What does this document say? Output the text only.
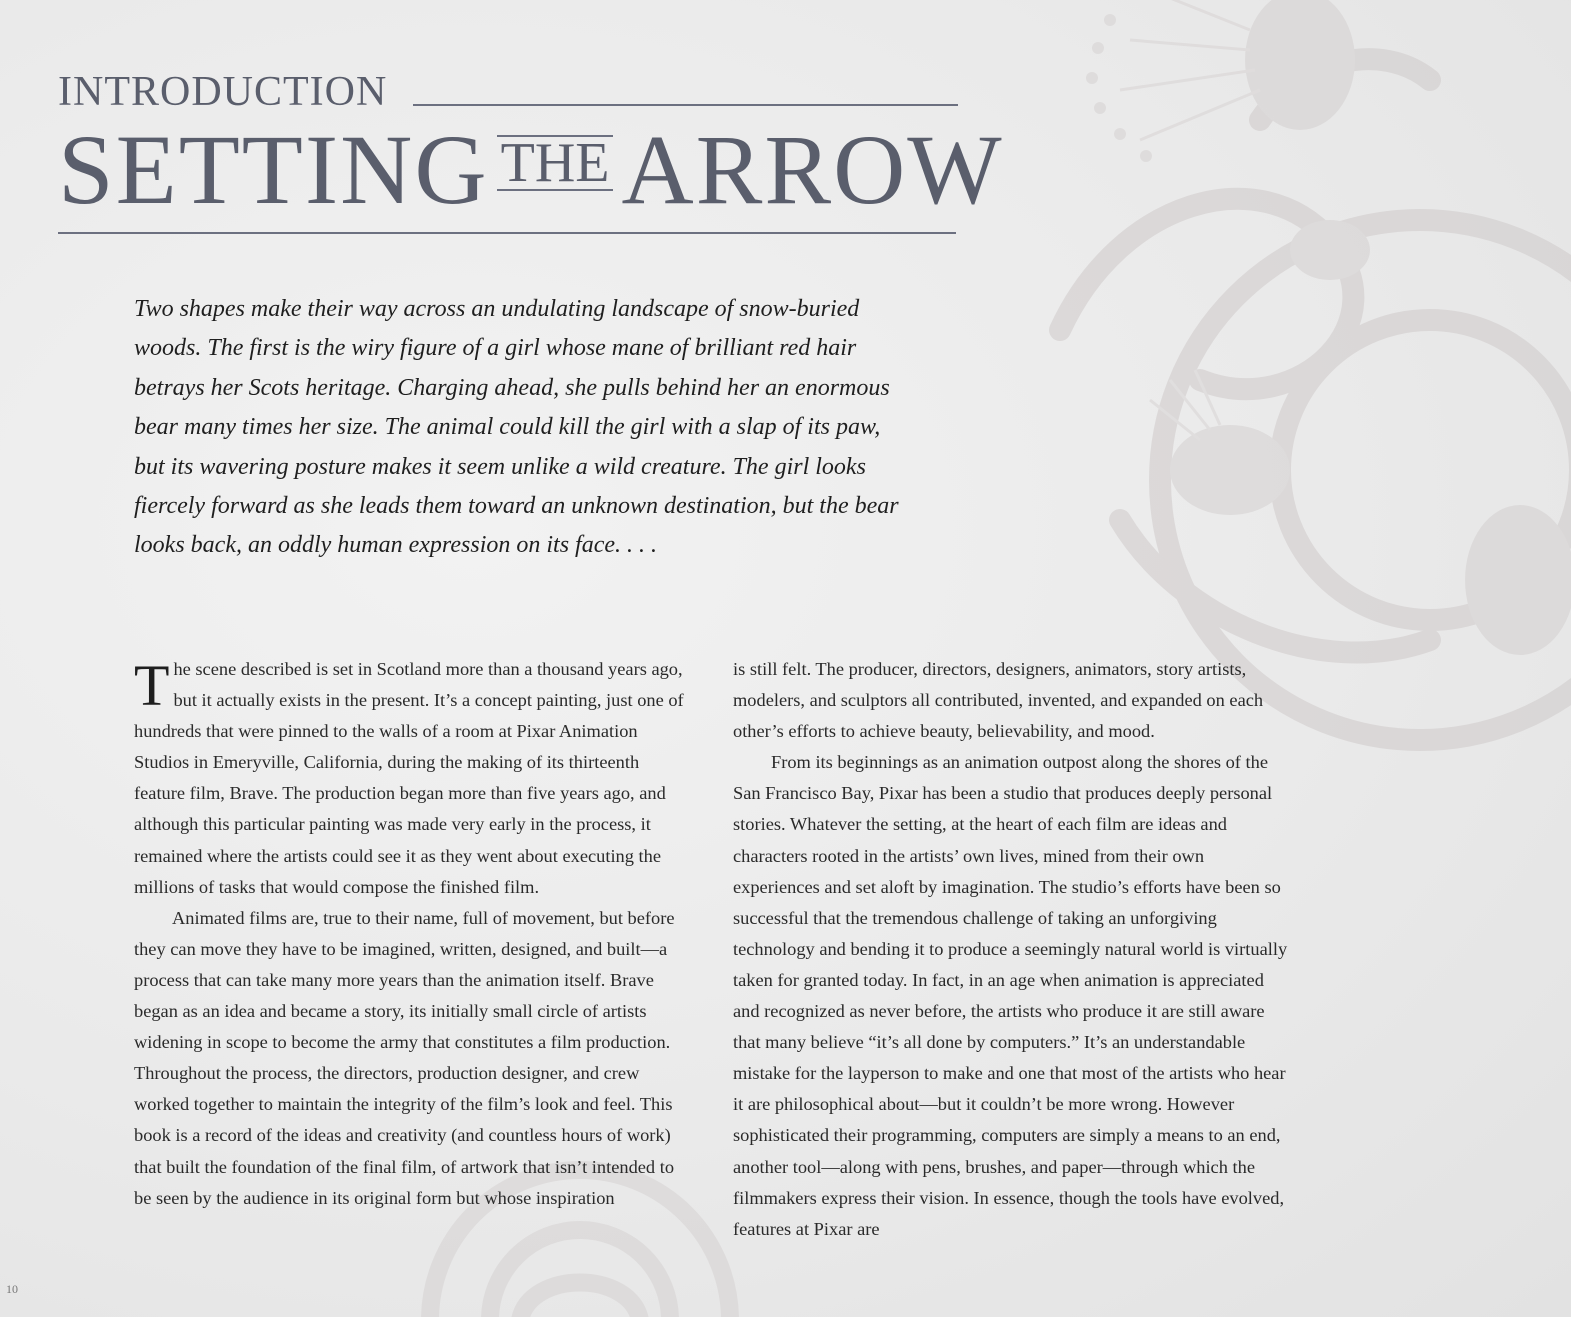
INTRODUCTION
SETTING THE ARROW
Two shapes make their way across an undulating landscape of snow-buried woods. The first is the wiry figure of a girl whose mane of brilliant red hair betrays her Scots heritage. Charging ahead, she pulls behind her an enormous bear many times her size. The animal could kill the girl with a slap of its paw, but its wavering posture makes it seem unlike a wild creature. The girl looks fiercely forward as she leads them toward an unknown destination, but the bear looks back, an oddly human expression on its face. . . .

The scene described is set in Scotland more than a thousand years ago, but it actually exists in the present. It’s a concept painting, just one of hundreds that were pinned to the walls of a room at Pixar Animation Studios in Emeryville, California, during the making of its thirteenth feature film, Brave. The production began more than five years ago, and although this particular painting was made very early in the process, it remained where the artists could see it as they went about executing the millions of tasks that would compose the finished film.

Animated films are, true to their name, full of movement, but before they can move they have to be imagined, written, designed, and built—a process that can take many more years than the animation itself. Brave began as an idea and became a story, its initially small circle of artists widening in scope to become the army that constitutes a film production. Throughout the process, the directors, production designer, and crew worked together to maintain the integrity of the film’s look and feel. This book is a record of the ideas and creativity (and countless hours of work) that built the foundation of the final film, of artwork that isn’t intended to be seen by the audience in its original form but whose inspiration

is still felt. The producer, directors, designers, animators, story artists, modelers, and sculptors all contributed, invented, and expanded on each other’s efforts to achieve beauty, believability, and mood.

From its beginnings as an animation outpost along the shores of the San Francisco Bay, Pixar has been a studio that produces deeply personal stories. Whatever the setting, at the heart of each film are ideas and characters rooted in the artists’ own lives, mined from their own experiences and set aloft by imagination. The studio’s efforts have been so successful that the tremendous challenge of taking an unforgiving technology and bending it to produce a seemingly natural world is virtually taken for granted today. In fact, in an age when animation is appreciated and recognized as never before, the artists who produce it are still aware that many believe “it’s all done by computers.” It’s an understandable mistake for the layperson to make and one that most of the artists who hear it are philosophical about—but it couldn’t be more wrong. However sophisticated their programming, computers are simply a means to an end, another tool—along with pens, brushes, and paper—through which the filmmakers express their vision. In essence, though the tools have evolved, features at Pixar are

10
